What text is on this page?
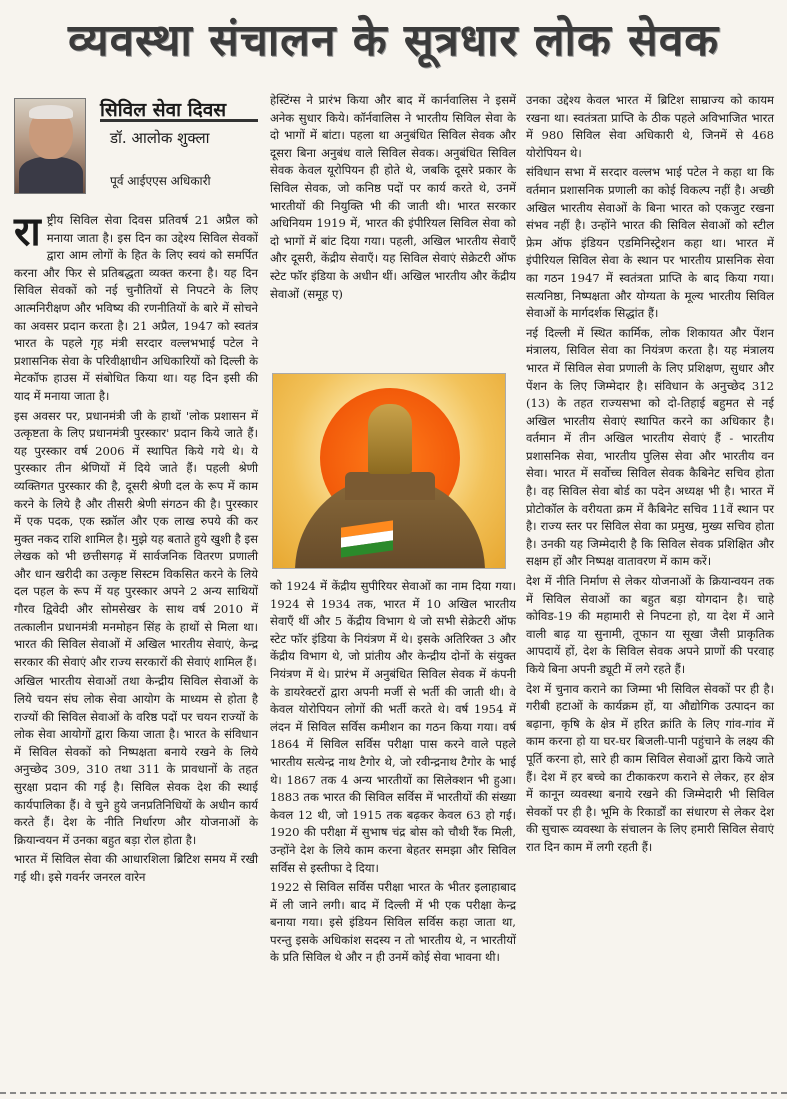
व्यवस्था संचालन के सूत्रधार लोक सेवक
सिविल सेवा दिवस
डॉ. आलोक शुक्ला
पूर्व आईएएस अधिकारी

राष्ट्रीय सिविल सेवा दिवस प्रतिवर्ष 21 अप्रैल को मनाया जाता है। इस दिन का उद्देश्य सिविल सेवकों द्वारा आम लोगों के हित के लिए स्वयं को समर्पित करना और फिर से प्रतिबद्धता व्यक्त करना है। यह दिन सिविल सेवकों को नई चुनौतियों से निपटने के लिए आत्मनिरीक्षण और भविष्य की रणनीतियों के बारे में सोचने का अवसर प्रदान करता है। 21 अप्रैल, 1947 को स्वतंत्र भारत के पहले गृह मंत्री सरदार वल्लभभाई पटेल ने प्रशासनिक सेवा के परिवीक्षाधीन अधिकारियों को दिल्ली के मेटकॉफ हाउस में संबोधित किया था। यह दिन इसी की याद में मनाया जाता है।

इस अवसर पर, प्रधानमंत्री जी के हाथों 'लोक प्रशासन में उत्कृष्टता के लिए प्रधानमंत्री पुरस्कार' प्रदान किये जाते हैं। यह पुरस्कार वर्ष 2006 में स्थापित किये गये थे। ये पुरस्कार तीन श्रेणियों में दिये जाते हैं। पहली श्रेणी व्यक्तिगत पुरस्कार की है, दूसरी श्रेणी दल के रूप में काम करने के लिये है और तीसरी श्रेणी संगठन की है। पुरस्कार में एक पदक, एक स्क्रॉल और एक लाख रुपये की कर मुक्त नकद राशि शामिल है। मुझे यह बताते हुये खुशी है इस लेखक को भी छत्तीसगढ़ में सार्वजनिक वितरण प्रणाली और धान खरीदी का उत्कृष्ट सिस्टम विकसित करने के लिये दल पहल के रूप में यह पुरस्कार अपने 2 अन्य साथियों गौरव द्विवेदी और सोमसेखर के साथ वर्ष 2010 में तत्कालीन प्रधानमंत्री मनमोहन सिंह के हाथों से मिला था। भारत की सिविल सेवाओं में अखिल भारतीय सेवाएं, केन्द्र सरकार की सेवाएं और राज्य सरकारों की सेवाएं शामिल हैं।

अखिल भारतीय सेवाओं तथा केन्द्रीय सिविल सेवाओं के लिये चयन संघ लोक सेवा आयोग के माध्यम से होता है राज्यों की सिविल सेवाओं के वरिष्ठ पदों पर चयन राज्यों के लोक सेवा आयोगों द्वारा किया जाता है। भारत के संविधान में सिविल सेवकों को निष्पक्षता बनाये रखने के लिये अनुच्छेद 309, 310 तथा 311 के प्रावधानों के तहत सुरक्षा प्रदान की गई है। सिविल सेवक देश की स्थाई कार्यपालिका हैं। वे चुने हुये जनप्रतिनिधियों के अधीन कार्य करते हैं। देश के नीति निर्धारण और योजनाओं के क्रियान्वयन में उनका बहुत बड़ा रोल होता है।

भारत में सिविल सेवा की आधारशिला ब्रिटिश समय में रखी गई थी। इसे गवर्नर जनरल वारेन

हेस्टिंग्स ने प्रारंभ किया और बाद में कार्नवालिस ने इसमें अनेक सुधार किये। कॉर्नवालिस ने भारतीय सिविल सेवा के दो भागों में बांटा। पहला था अनुबंधित सिविल सेवक और दूसरा बिना अनुबंध वाले सिविल सेवक। अनुबंधित सिविल सेवक केवल यूरोपियन ही होते थे, जबकि दूसरे प्रकार के सिविल सेवक, जो कनिष्ठ पदों पर कार्य करते थे, उनमें भारतीयों की नियुक्ति भी की जाती थी। भारत सरकार अधिनियम 1919 में, भारत की इंपीरियल सिविल सेवा को दो भागों में बांट दिया गया। पहली, अखिल भारतीय सेवाएँ और दूसरी, केंद्रीय सेवाएँ। यह सिविल सेवाएं सेक्रेटरी ऑफ स्टेट फॉर इंडिया के अधीन थीं। अखिल भारतीय और केंद्रीय सेवाओं (समूह ए)

को 1924 में केंद्रीय सुपीरियर सेवाओं का नाम दिया गया। 1924 से 1934 तक, भारत में 10 अखिल भारतीय सेवाएँ थीं और 5 केंद्रीय विभाग थे जो सभी सेक्रेटरी ऑफ स्टेट फॉर इंडिया के नियंत्रण में थे। इसके अतिरिक्त 3 और केंद्रीय विभाग थे, जो प्रांतीय और केन्द्रीय दोनों के संयुक्त नियंत्रण में थे। प्रारंभ में अनुबंधित सिविल सेवक में कंपनी के डायरेक्टरों द्वारा अपनी मर्जी से भर्ती की जाती थी। वे केवल योरोपियन लोगों की भर्ती करते थे। वर्ष 1954 में लंदन में सिविल सर्विस कमीशन का गठन किया गया। वर्ष 1864 में सिविल सर्विस परीक्षा पास करने वाले पहले भारतीय सत्येन्द्र नाथ टैगोर थे, जो रवीन्द्रनाथ टैगोर के भाई थे। 1867 तक 4 अन्य भारतीयों का सिलेक्शन भी हुआ। 1883 तक भारत की सिविल सर्विस में भारतीयों की संख्या केवल 12 थी, जो 1915 तक बढ़कर केवल 63 हो गई। 1920 की परीक्षा में सुभाष चंद्र बोस को चौथी रैंक मिली, उन्होंने देश के लिये काम करना बेहतर समझा और सिविल सर्विस से इस्तीफा दे दिया।

1922 से सिविल सर्विस परीक्षा भारत के भीतर इलाहाबाद में ली जाने लगी। बाद में दिल्ली में भी एक परीक्षा केन्द्र बनाया गया। इसे इंडियन सिविल सर्विस कहा जाता था, परन्तु इसके अधिकांश सदस्य न तो भारतीय थे, न भारतीयों के प्रति सिविल थे और न ही उनमें कोई सेवा भावना थी।

उनका उद्देश्य केवल भारत में ब्रिटिश साम्राज्य को कायम रखना था। स्वतंत्रता प्राप्ति के ठीक पहले अविभाजित भारत में 980 सिविल सेवा अधिकारी थे, जिनमें से 468 योरोपियन थे।

संविधान सभा में सरदार वल्लभ भाई पटेल ने कहा था कि वर्तमान प्रशासनिक प्रणाली का कोई विकल्प नहीं है। अच्छी अखिल भारतीय सेवाओं के बिना भारत को एकजुट रखना संभव नहीं है। उन्होंने भारत की सिविल सेवाओं को स्टील फ्रेम ऑफ इंडियन एडमिनिस्ट्रेशन कहा था। भारत में इंपीरियल सिविल सेवा के स्थान पर भारतीय प्रासनिक सेवा का गठन 1947 में स्वतंत्रता प्राप्ति के बाद किया गया। सत्यनिष्ठा, निष्पक्षता और योग्यता के मूल्य भारतीय सिविल सेवाओं के मार्गदर्शक सिद्धांत हैं।

नई दिल्ली में स्थित कार्मिक, लोक शिकायत और पेंशन मंत्रालय, सिविल सेवा का नियंत्रण करता है। यह मंत्रालय भारत में सिविल सेवा प्रणाली के लिए प्रशिक्षण, सुधार और पेंशन के लिए जिम्मेदार है। संविधान के अनुच्छेद 312 (13) के तहत राज्यसभा को दो-तिहाई बहुमत से नई अखिल भारतीय सेवाएं स्थापित करने का अधिकार है। वर्तमान में तीन अखिल भारतीय सेवाएं हैं - भारतीय प्रशासनिक सेवा, भारतीय पुलिस सेवा और भारतीय वन सेवा। भारत में सर्वोच्च सिविल सेवक कैबिनेट सचिव होता है। वह सिविल सेवा बोर्ड का पदेन अध्यक्ष भी है। भारत में प्रोटोकॉल के वरीयता क्रम में कैबिनेट सचिव 11वें स्थान पर है। राज्य स्तर पर सिविल सेवा का प्रमुख, मुख्य सचिव होता है। उनकी यह जिम्मेदारी है कि सिविल सेवक प्रशिक्षित और सक्षम हों और निष्पक्ष वातावरण में काम करें।

देश में नीति निर्माण से लेकर योजनाओं के क्रियान्वयन तक में सिविल सेवाओं का बहुत बड़ा योगदान है। चाहे कोविड-19 की महामारी से निपटना हो, या देश में आने वाली बाढ़ या सुनामी, तूफान या सूखा जैसी प्राकृतिक आपदायें हों, देश के सिविल सेवक अपने प्राणों की परवाह किये बिना अपनी ड्यूटी में लगे रहते हैं।

देश में चुनाव कराने का जिम्मा भी सिविल सेवकों पर ही है। गरीबी हटाओं के कार्यक्रम हों, या औद्योगिक उत्पादन का बढ़ाना, कृषि के क्षेत्र में हरित क्रांति के लिए गांव-गांव में काम करना हो या घर-घर बिजली-पानी पहुंचाने के लक्ष्य की पूर्ति करना हो, सारे ही काम सिविल सेवाओं द्वारा किये जाते हैं। देश में हर बच्चे का टीकाकरण कराने से लेकर, हर क्षेत्र में कानून व्यवस्था बनाये रखने की जिम्मेदारी भी सिविल सेवकों पर ही है। भूमि के रिकार्डों का संधारण से लेकर देश की सुचारू व्यवस्था के संचालन के लिए हमारी सिविल सेवाएं रात दिन काम में लगी रहती हैं।
